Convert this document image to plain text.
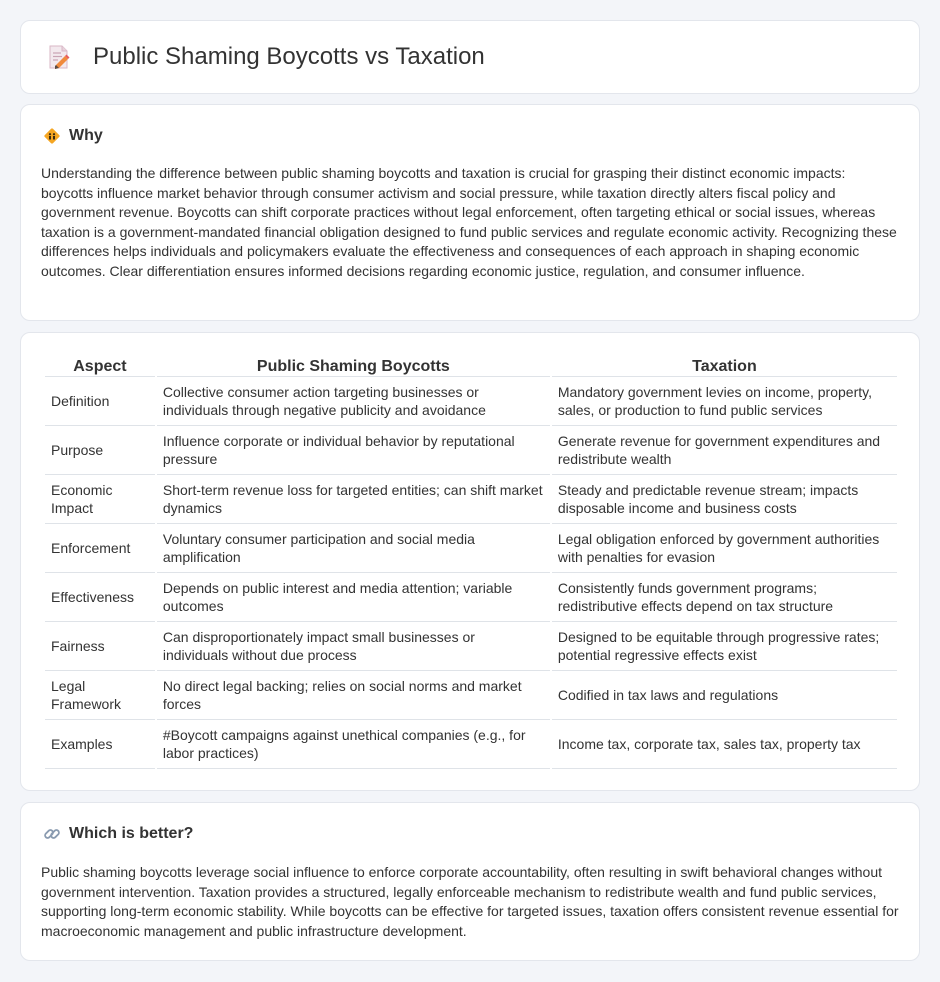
Public Shaming Boycotts vs Taxation
Why

Understanding the difference between public shaming boycotts and taxation is crucial for grasping their distinct economic impacts: boycotts influence market behavior through consumer activism and social pressure, while taxation directly alters fiscal policy and government revenue. Boycotts can shift corporate practices without legal enforcement, often targeting ethical or social issues, whereas taxation is a government-mandated financial obligation designed to fund public services and regulate economic activity. Recognizing these differences helps individuals and policymakers evaluate the effectiveness and consequences of each approach in shaping economic outcomes. Clear differentiation ensures informed decisions regarding economic justice, regulation, and consumer influence.

Aspect	Public Shaming Boycotts	Taxation
Definition	Collective consumer action targeting businesses or individuals through negative publicity and avoidance	Mandatory government levies on income, property, sales, or production to fund public services
Purpose	Influence corporate or individual behavior by reputational pressure	Generate revenue for government expenditures and redistribute wealth
Economic Impact	Short-term revenue loss for targeted entities; can shift market dynamics	Steady and predictable revenue stream; impacts disposable income and business costs
Enforcement	Voluntary consumer participation and social media amplification	Legal obligation enforced by government authorities with penalties for evasion
Effectiveness	Depends on public interest and media attention; variable outcomes	Consistently funds government programs; redistributive effects depend on tax structure
Fairness	Can disproportionately impact small businesses or individuals without due process	Designed to be equitable through progressive rates; potential regressive effects exist
Legal Framework	No direct legal backing; relies on social norms and market forces	Codified in tax laws and regulations
Examples	#Boycott campaigns against unethical companies (e.g., for labor practices)	Income tax, corporate tax, sales tax, property tax
Which is better?

Public shaming boycotts leverage social influence to enforce corporate accountability, often resulting in swift behavioral changes without government intervention. Taxation provides a structured, legally enforceable mechanism to redistribute wealth and fund public services, supporting long-term economic stability. While boycotts can be effective for targeted issues, taxation offers consistent revenue essential for macroeconomic management and public infrastructure development.
